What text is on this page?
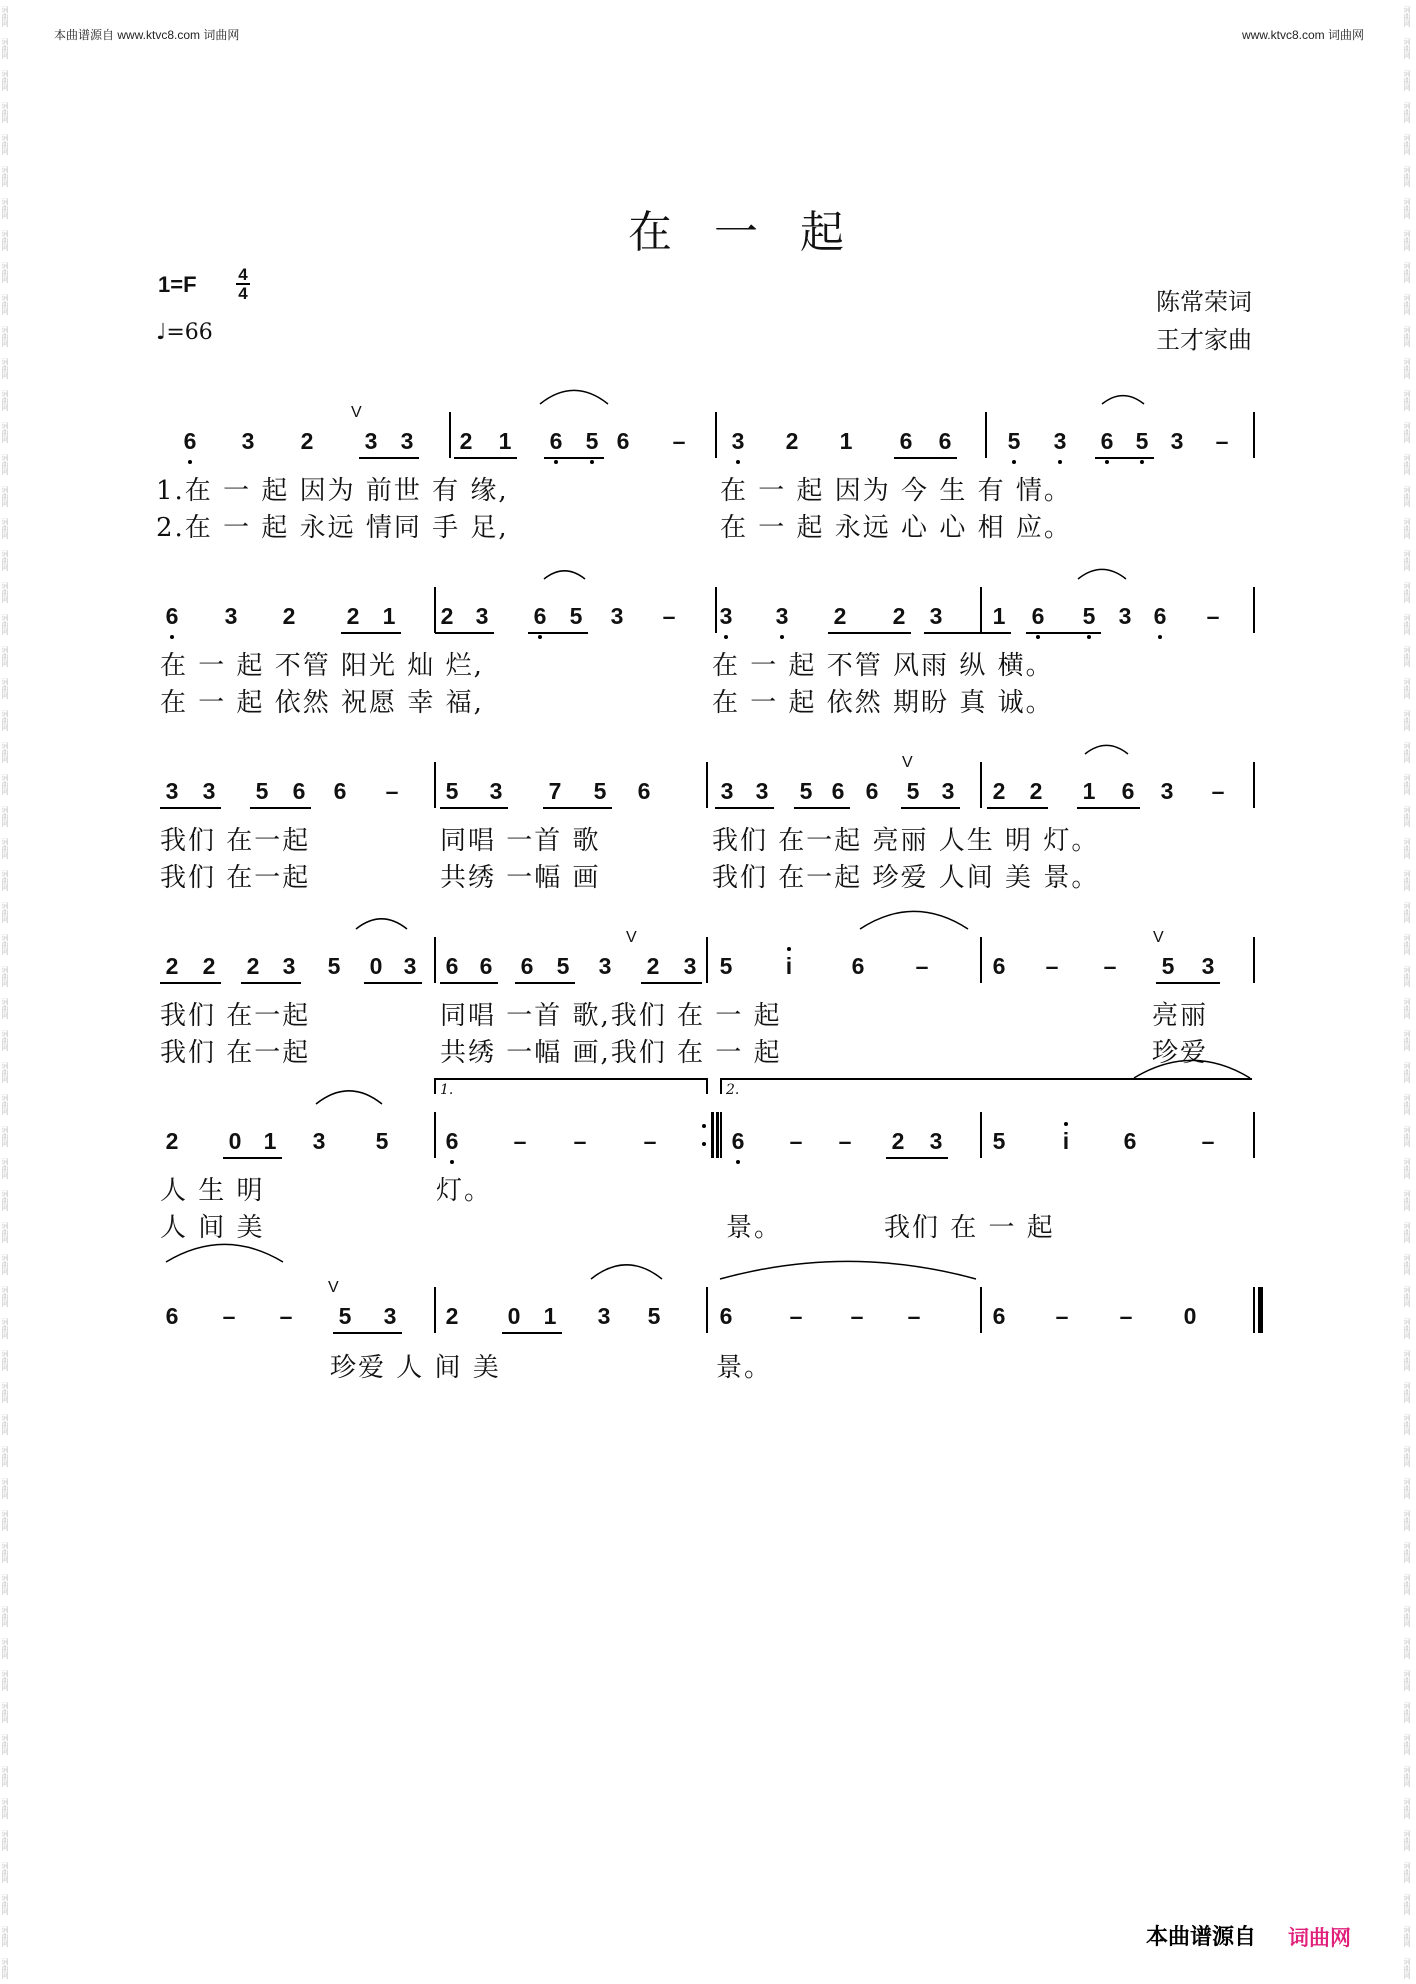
词曲网
词曲网
词曲网
词曲网
词曲网
词曲网
词曲网
词曲网
词曲网
词曲网
词曲网
词曲网
词曲网
词曲网
词曲网
词曲网
词曲网
词曲网
词曲网
词曲网
词曲网
词曲网
词曲网
词曲网
词曲网
词曲网
词曲网
词曲网
词曲网
词曲网
词曲网
词曲网
词曲网
词曲网
词曲网
词曲网
词曲网
词曲网
词曲网
词曲网
词曲网
词曲网
词曲网
词曲网
词曲网
词曲网
词曲网
词曲网
词曲网
词曲网
词曲网
词曲网
词曲网
词曲网
词曲网
词曲网
词曲网
词曲网
词曲网
词曲网
词曲网
词曲网
词曲网
词曲网
词曲网
词曲网
词曲网
词曲网
词曲网
词曲网
词曲网
词曲网
词曲网
词曲网
词曲网
词曲网
词曲网
词曲网
词曲网
词曲网
词曲网
词曲网
词曲网
词曲网
词曲网
词曲网
词曲网
词曲网
词曲网
词曲网
词曲网
词曲网
词曲网
词曲网
词曲网
词曲网
词曲网
词曲网
词曲网
词曲网
词曲网
词曲网
词曲网
词曲网
词曲网
词曲网
词曲网
词曲网
词曲网
词曲网
词曲网
词曲网
词曲网
词曲网
词曲网
词曲网
词曲网
词曲网
词曲网
词曲网
词曲网
词曲网
词曲网
词曲网
本曲谱源自 www.ktvc8.com 词曲网	www.ktvc8.com 词曲网
在 一 起
1=F 4
4
♩=66
陈常荣词
王才家曲
6 3 2 3 3 2 1 6 5 6 – 3 2 1 6 6 5 3 6 5 3 –
6 3 2 2 1 2 3 6 5 3 – 3 3 2 2 3 1 6 5 3 6 –
3 3 5 6 6 – 5 3 7 5 6	3 3 5 6 6 5 3 2 2 1 6 3 –
2 2 2 3 5 0 3 6 6 6 5 3 2 3 5 i	6 –	6 – – 5 3
2 0 1 3 5 6 – – –	6 – – 2 3 5 i 6	–
6 – – 5 3 2 0 1 3 5	6 – – –	6 – – 0
V
V
V	V
V
1.在 一 起 因为 前世 有 缘,	在 一 起 因为 今 生 有 情。
2.在 一 起 永远 情同 手 足,	在 一 起 永远 心 心 相 应。
在 一 起 不管 阳光 灿 烂,	在 一 起 不管 风雨 纵 横。
在 一 起 依然 祝愿 幸 福,	在 一 起 依然 期盼 真 诚。
我们 在一起	同唱 一首 歌	我们 在一起 亮丽 人生 明 灯。
我们 在一起	共绣 一幅 画	我们 在一起 珍爱 人间 美 景。
我们 在一起	同唱 一首 歌,我们 在 一 起	亮丽
我们 在一起	共绣 一幅 画,我们 在 一 起	珍爱
人 生 明	灯。
人 间 美	景。	我们 在 一 起
珍爱 人 间 美	景。
1.	2.
本曲谱源自 词曲网
